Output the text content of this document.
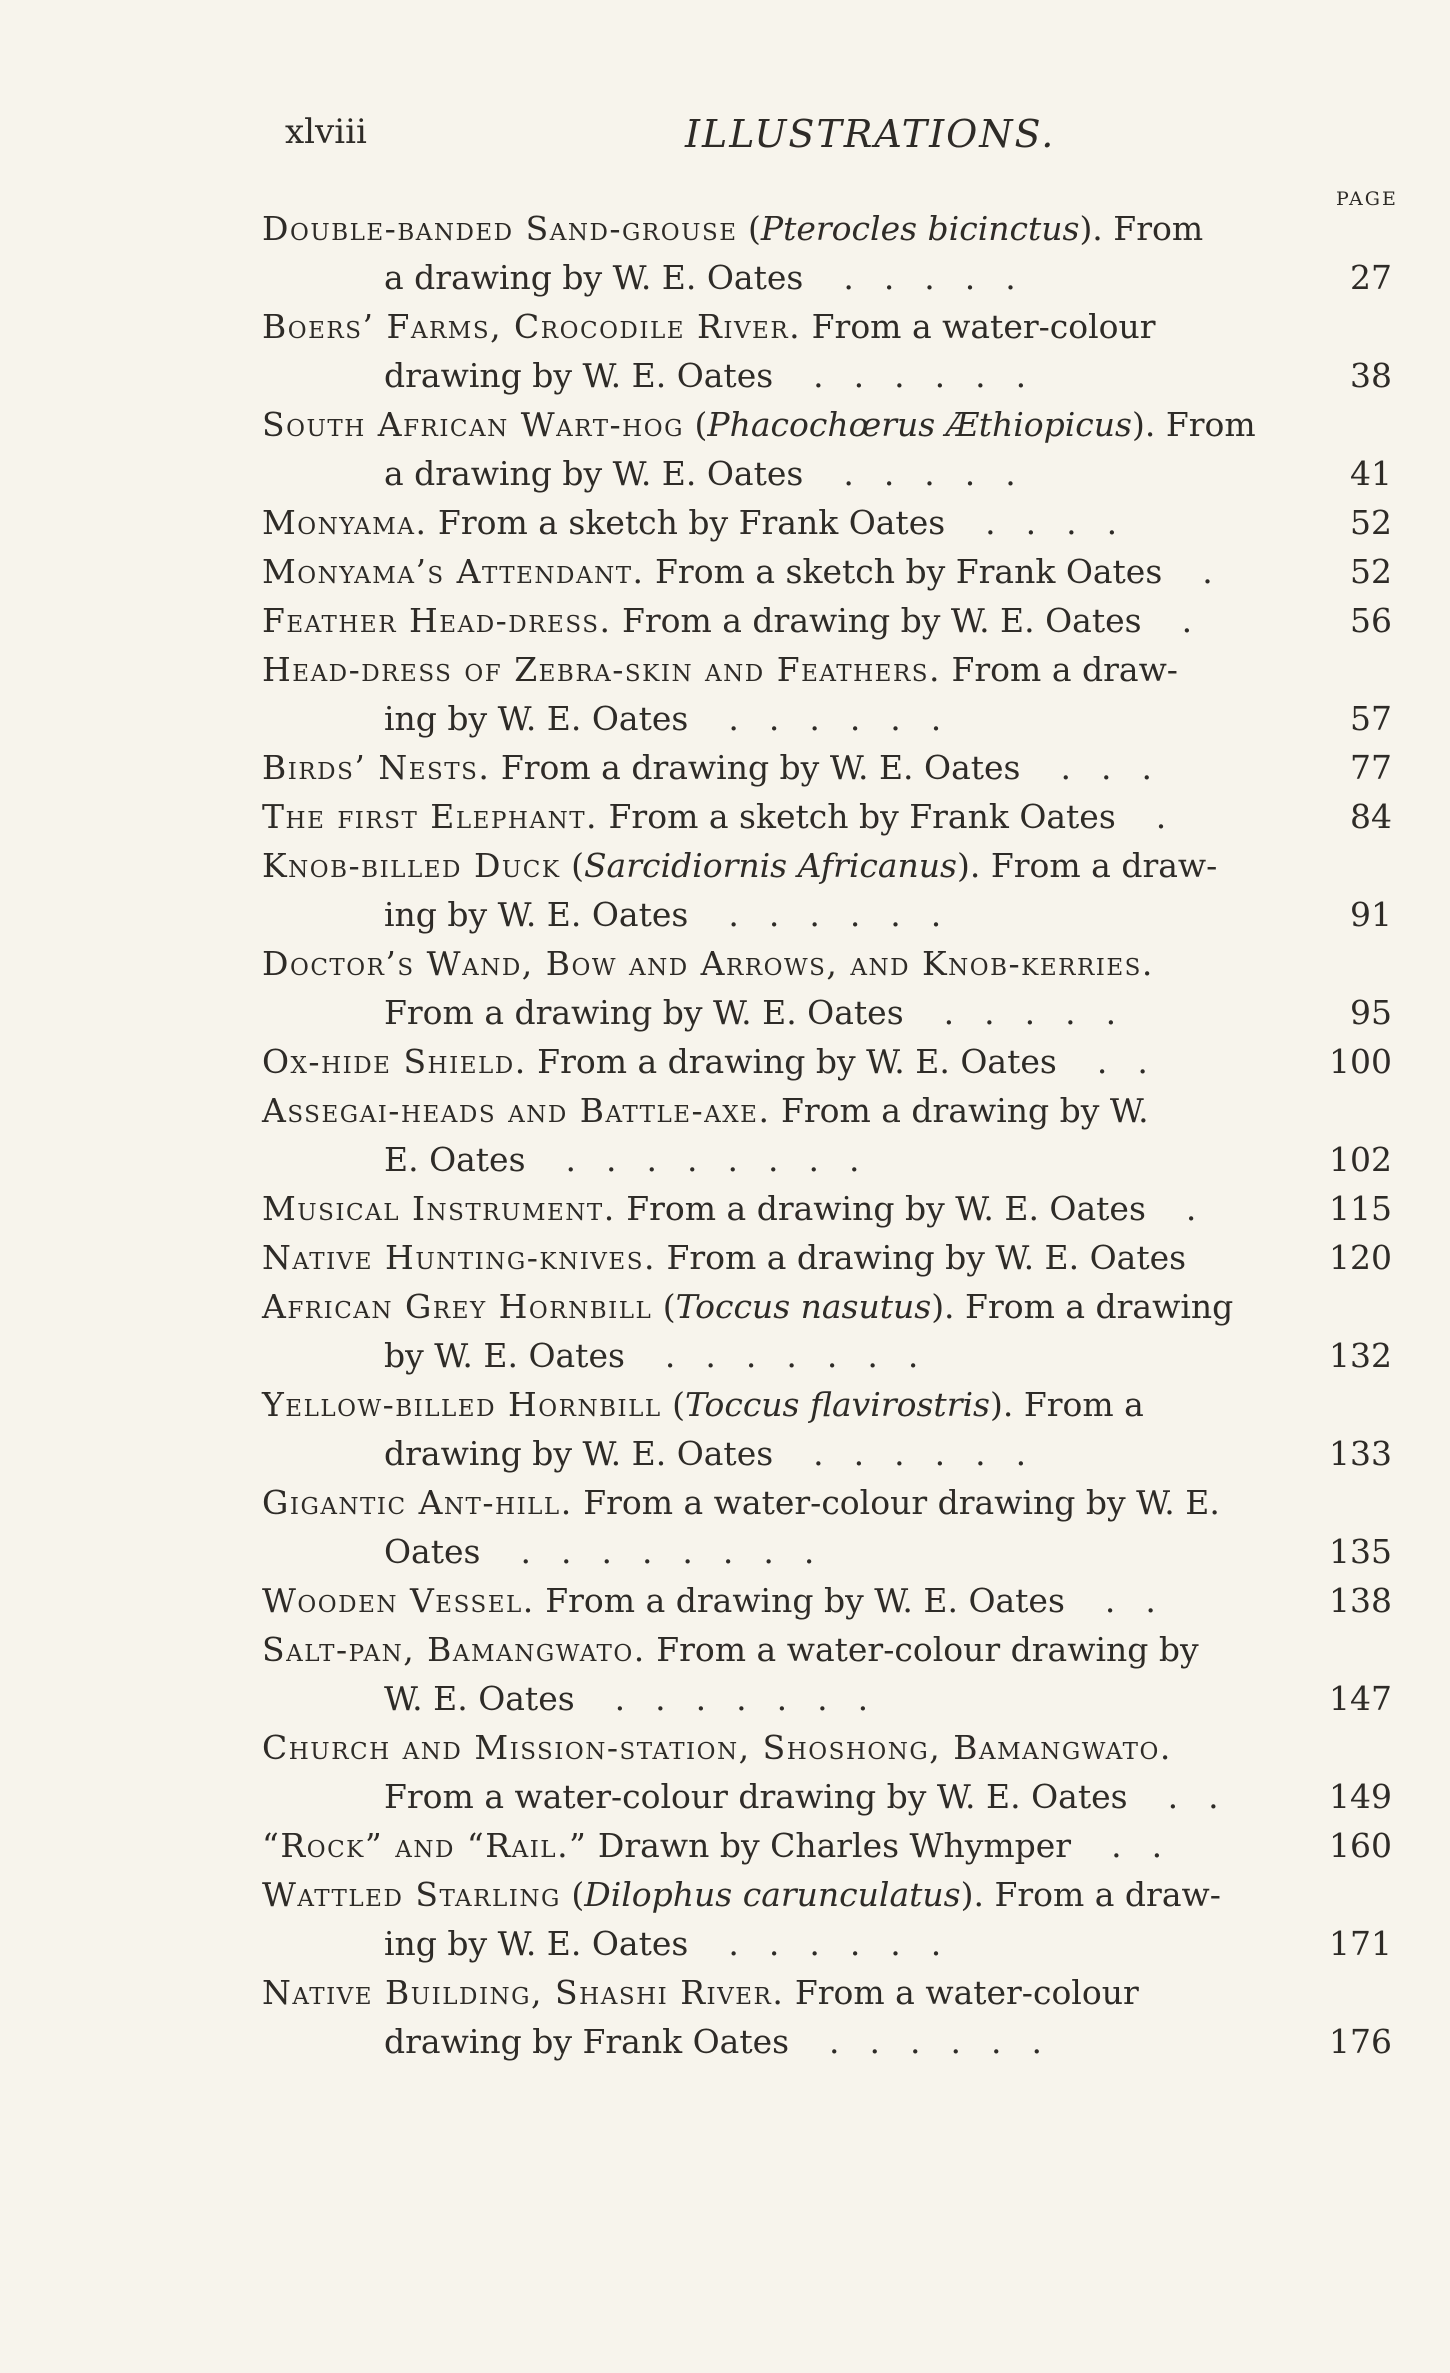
xlviii	ILLUSTRATIONS.
PAGE
Double-banded Sand-grouse (Pterocles bicinctus). From
a drawing by W. E. Oates .....	27
Boers’ Farms, Crocodile River. From a water-colour
drawing by W. E. Oates ......	38
South African Wart-hog (Phacochœrus Æthiopicus). From
a drawing by W. E. Oates .....	41
Monyama. From a sketch by Frank Oates ....	52
Monyama’s Attendant. From a sketch by Frank Oates .	52
Feather Head-dress. From a drawing by W. E. Oates .	56
Head-dress of Zebra-skin and Feathers. From a draw-
ing by W. E. Oates ......	57
Birds’ Nests. From a drawing by W. E. Oates ...	77
The first Elephant. From a sketch by Frank Oates .	84
Knob-billed Duck (Sarcidiornis Africanus). From a draw-
ing by W. E. Oates ......	91
Doctor’s Wand, Bow and Arrows, and Knob-kerries.
From a drawing by W. E. Oates .....	95
Ox-hide Shield. From a drawing by W. E. Oates ..	100
Assegai-heads and Battle-axe. From a drawing by W.
E. Oates ........	102
Musical Instrument. From a drawing by W. E. Oates .	115
Native Hunting-knives. From a drawing by W. E. Oates	120
African Grey Hornbill (Toccus nasutus). From a drawing
by W. E. Oates .......	132
Yellow-billed Hornbill (Toccus flavirostris). From a
drawing by W. E. Oates ......	133
Gigantic Ant-hill. From a water-colour drawing by W. E.
Oates ........	135
Wooden Vessel. From a drawing by W. E. Oates ..	138
Salt-pan, Bamangwato. From a water-colour drawing by
W. E. Oates .......	147
Church and Mission-station, Shoshong, Bamangwato.
From a water-colour drawing by W. E. Oates ..	149
“Rock” and “Rail.” Drawn by Charles Whymper ..	160
Wattled Starling (Dilophus carunculatus). From a draw-
ing by W. E. Oates ......	171
Native Building, Shashi River. From a water-colour
drawing by Frank Oates ......	176
